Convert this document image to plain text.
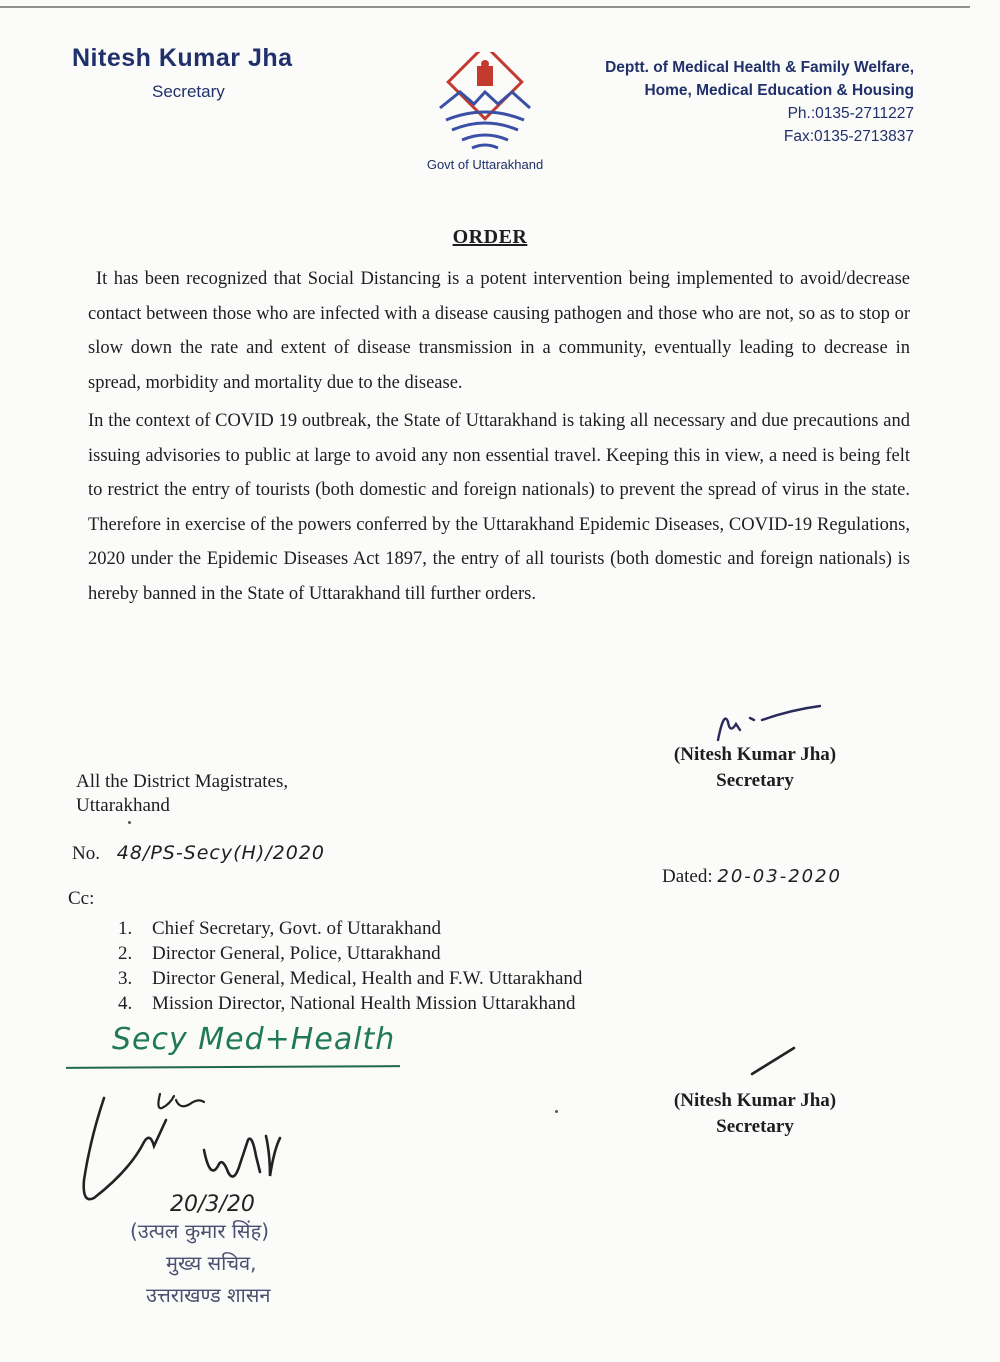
Nitesh Kumar Jha
Secretary
Govt of Uttarakhand
Deptt. of Medical Health & Family Welfare,
Home, Medical Education & Housing
Ph.:0135-2711227
Fax:0135-2713837
ORDER

It has been recognized that Social Distancing is a potent intervention being implemented to avoid/decrease contact between those who are infected with a disease causing pathogen and those who are not, so as to stop or slow down the rate and extent of disease transmission in a community, eventually leading to decrease in spread, morbidity and mortality due to the disease.

In the context of COVID 19 outbreak, the State of Uttarakhand is taking all necessary and due precautions and issuing advisories to public at large to avoid any non essential travel. Keeping this in view, a need is being felt to restrict the entry of tourists (both domestic and foreign nationals) to prevent the spread of virus in the state. Therefore in exercise of the powers conferred by the Uttarakhand Epidemic Diseases, COVID-19 Regulations, 2020 under the Epidemic Diseases Act 1897, the entry of all tourists (both domestic and foreign nationals) is hereby banned in the State of Uttarakhand till further orders.

(Nitesh Kumar Jha)
Secretary
All the District Magistrates,
Uttarakhand
No. 48/PS-Secy(H)/2020
Dated: 20-03-2020
Cc:
1. Chief Secretary, Govt. of Uttarakhand
2. Director General, Police, Uttarakhand
3. Director General, Medical, Health and F.W. Uttarakhand
4. Mission Director, National Health Mission Uttarakhand
Secy Med+Health
20/3/20
(उत्पल कुमार सिंह)
मुख्य सचिव,
उत्तराखण्ड शासन
(Nitesh Kumar Jha)
Secretary
